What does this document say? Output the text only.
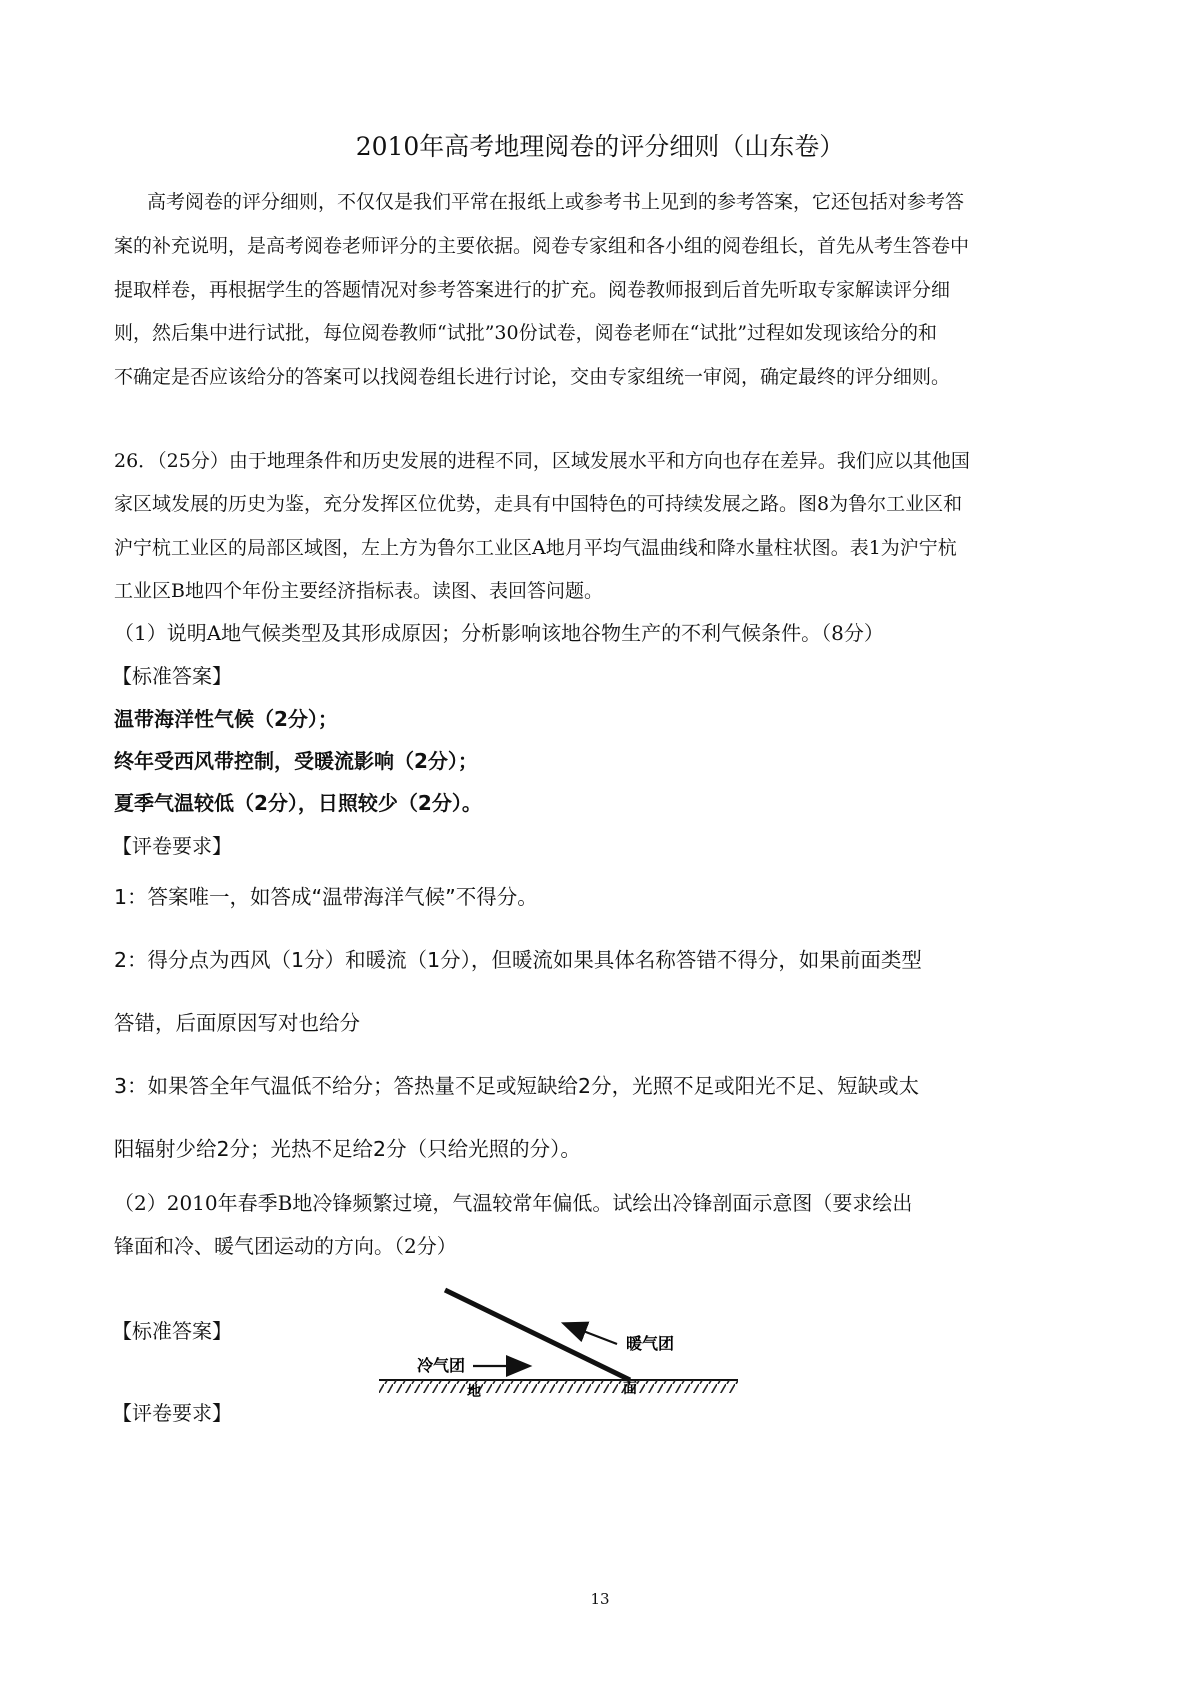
2010年高考地理阅卷的评分细则（山东卷）
高考阅卷的评分细则，不仅仅是我们平常在报纸上或参考书上见到的参考答案，它还包括对参考答
案的补充说明，是高考阅卷老师评分的主要依据。阅卷专家组和各小组的阅卷组长，首先从考生答卷中
提取样卷，再根据学生的答题情况对参考答案进行的扩充。阅卷教师报到后首先听取专家解读评分细
则，然后集中进行试批，每位阅卷教师“试批”30份试卷，阅卷老师在“试批”过程如发现该给分的和
不确定是否应该给分的答案可以找阅卷组长进行讨论，交由专家组统一审阅，确定最终的评分细则。
26．（25分）由于地理条件和历史发展的进程不同，区域发展水平和方向也存在差异。我们应以其他国
家区域发展的历史为鉴，充分发挥区位优势，走具有中国特色的可持续发展之路。图8为鲁尔工业区和
沪宁杭工业区的局部区域图，左上方为鲁尔工业区A地月平均气温曲线和降水量柱状图。表1为沪宁杭
工业区B地四个年份主要经济指标表。读图、表回答问题。
（1）说明A地气候类型及其形成原因；分析影响该地谷物生产的不利气候条件。（8分）
【标准答案】
温带海洋性气候（2分）；
终年受西风带控制，受暖流影响（2分）；
夏季气温较低（2分），日照较少（2分）。
【评卷要求】
1：答案唯一，如答成“温带海洋气候”不得分。
2：得分点为西风（1分）和暖流（1分），但暖流如果具体名称答错不得分，如果前面类型
答错，后面原因写对也给分
3：如果答全年气温低不给分；答热量不足或短缺给2分，光照不足或阳光不足、短缺或太
阳辐射少给2分；光热不足给2分（只给光照的分）。
（2）2010年春季B地冷锋频繁过境，气温较常年偏低。试绘出冷锋剖面示意图（要求绘出
锋面和冷、暖气团运动的方向。（2分）
【标准答案】
【评卷要求】
暖气团
冷气团
地	面
13
